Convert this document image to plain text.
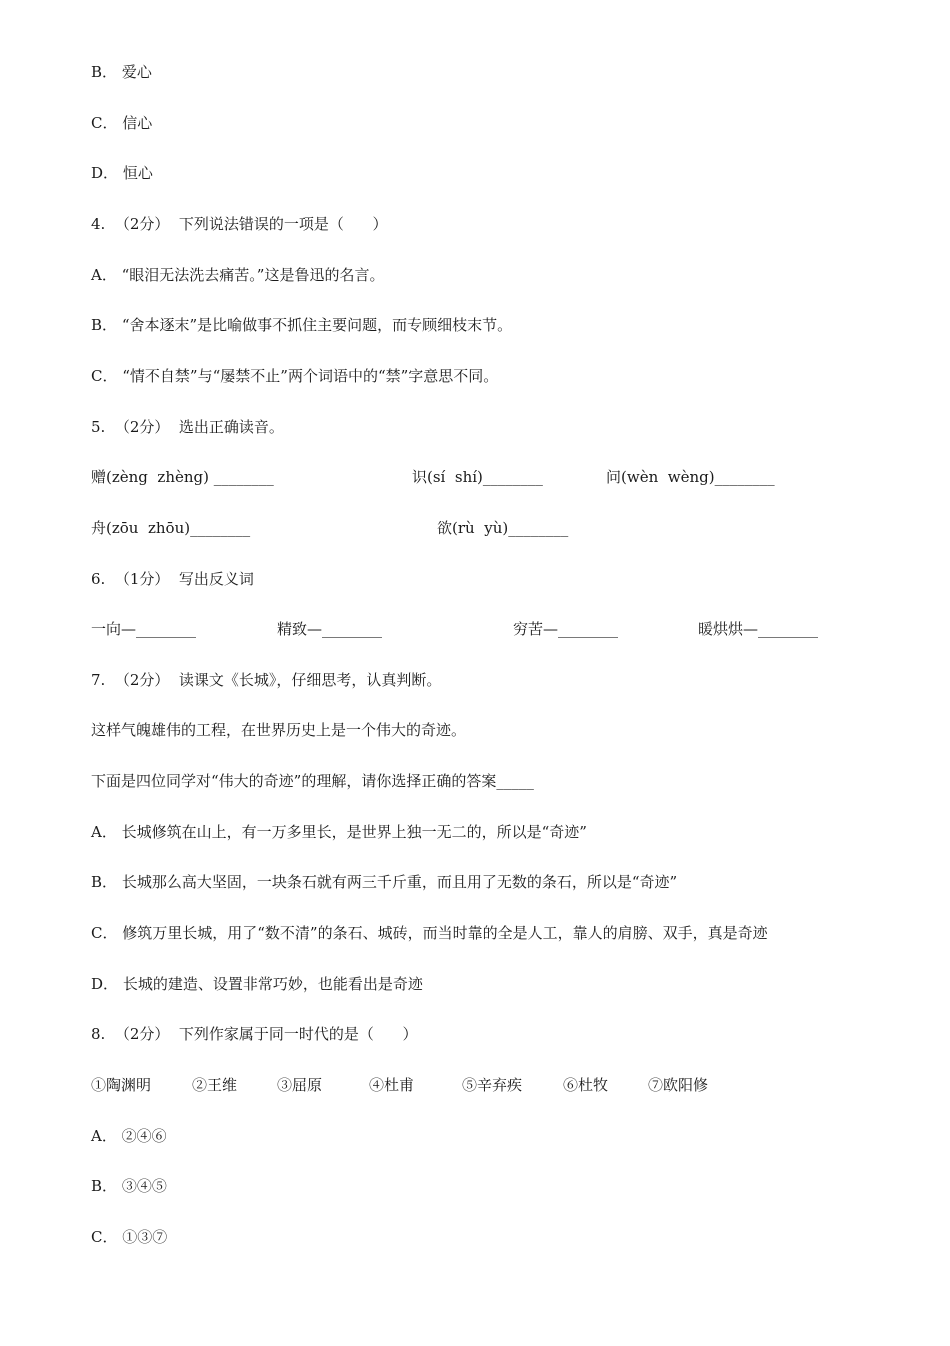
B． 爱心
C． 信心
D． 恒心
4.  （2分）  下列说法错误的一项是（      ）
A． “眼泪无法洗去痛苦。”这是鲁迅的名言。
B． “舍本逐末”是比喻做事不抓住主要问题，而专顾细枝末节。
C． “情不自禁”与“屡禁不止”两个词语中的“禁”字意思不同。
5.  （2分）  选出正确读音。
赠(zèng  zhèng) ________	识(sí  shí)________	问(wèn  wèng)________
舟(zōu  zhōu)________	欲(rù  yù)________
6.  （1分）  写出反义词
一向—________	精致—________	穷苦—________	暖烘烘—________
7.  （2分）  读课文《长城》，仔细思考，认真判断。
这样气魄雄伟的工程，在世界历史上是一个伟大的奇迹。
下面是四位同学对“伟大的奇迹”的理解，请你选择正确的答案_____
A． 长城修筑在山上，有一万多里长，是世界上独一无二的，所以是“奇迹”
B． 长城那么高大坚固，一块条石就有两三千斤重，而且用了无数的条石，所以是“奇迹”
C． 修筑万里长城，用了“数不清”的条石、城砖，而当时靠的全是人工，靠人的肩膀、双手，真是奇迹
D． 长城的建造、设置非常巧妙，也能看出是奇迹
8.  （2分）  下列作家属于同一时代的是（      ）
①陶渊明	②王维	③屈原	④杜甫	⑤辛弃疾	⑥杜牧	⑦欧阳修
A． ②④⑥
B． ③④⑤
C． ①③⑦
